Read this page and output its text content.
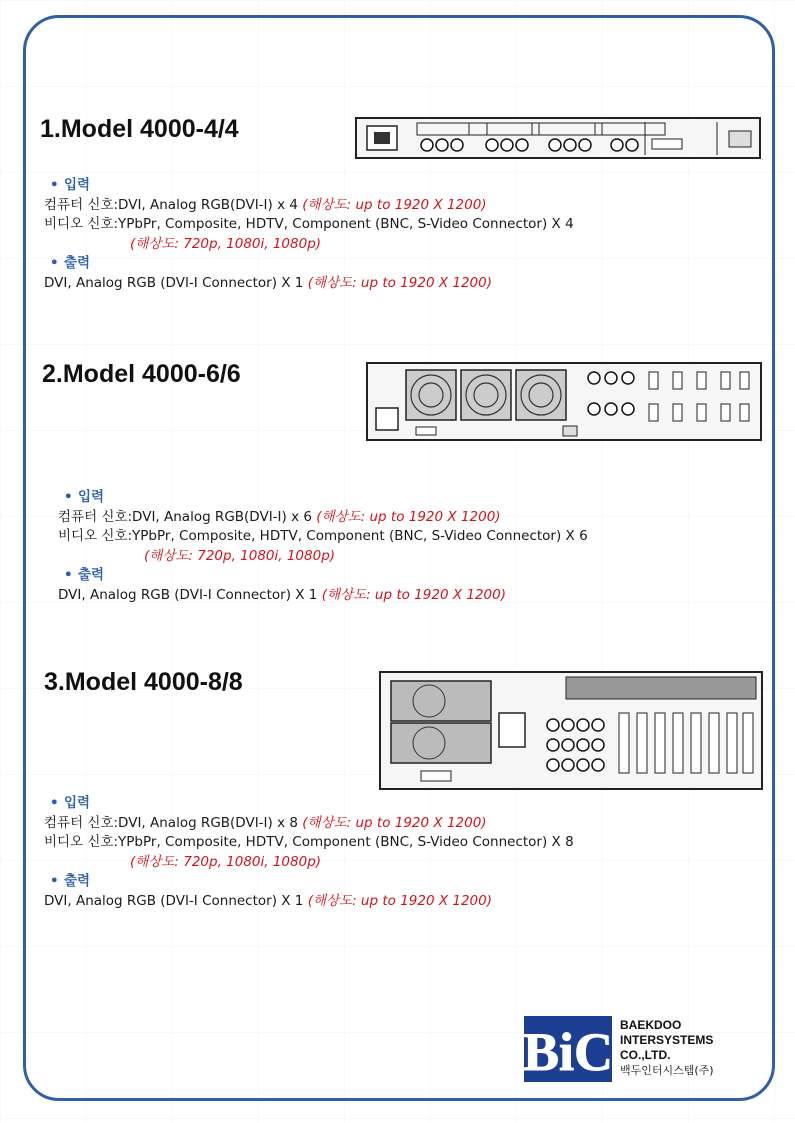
1.Model 4000-4/4
• 입력
컴퓨터 신호:DVI, Analog RGB(DVI-I) x 4 (해상도: up to 1920 X 1200)
비디오 신호:YPbPr, Composite, HDTV, Component (BNC, S-Video Connector) X 4
(해상도: 720p, 1080i, 1080p)
• 출력
DVI, Analog RGB (DVI-I Connector) X 1 (해상도: up to 1920 X 1200)
2.Model 4000-6/6
• 입력
컴퓨터 신호:DVI, Analog RGB(DVI-I) x 6 (해상도: up to 1920 X 1200)
비디오 신호:YPbPr, Composite, HDTV, Component (BNC, S-Video Connector) X 6
(해상도: 720p, 1080i, 1080p)
• 출력
DVI, Analog RGB (DVI-I Connector) X 1 (해상도: up to 1920 X 1200)
3.Model 4000-8/8
• 입력
컴퓨터 신호:DVI, Analog RGB(DVI-I) x 8 (해상도: up to 1920 X 1200)
비디오 신호:YPbPr, Composite, HDTV, Component (BNC, S-Video Connector) X 8
(해상도: 720p, 1080i, 1080p)
• 출력
DVI, Analog RGB (DVI-I Connector) X 1 (해상도: up to 1920 X 1200)
BiC BAEKDOO
INTERSYSTEMS
CO.,LTD.
백두인터시스템(주)
